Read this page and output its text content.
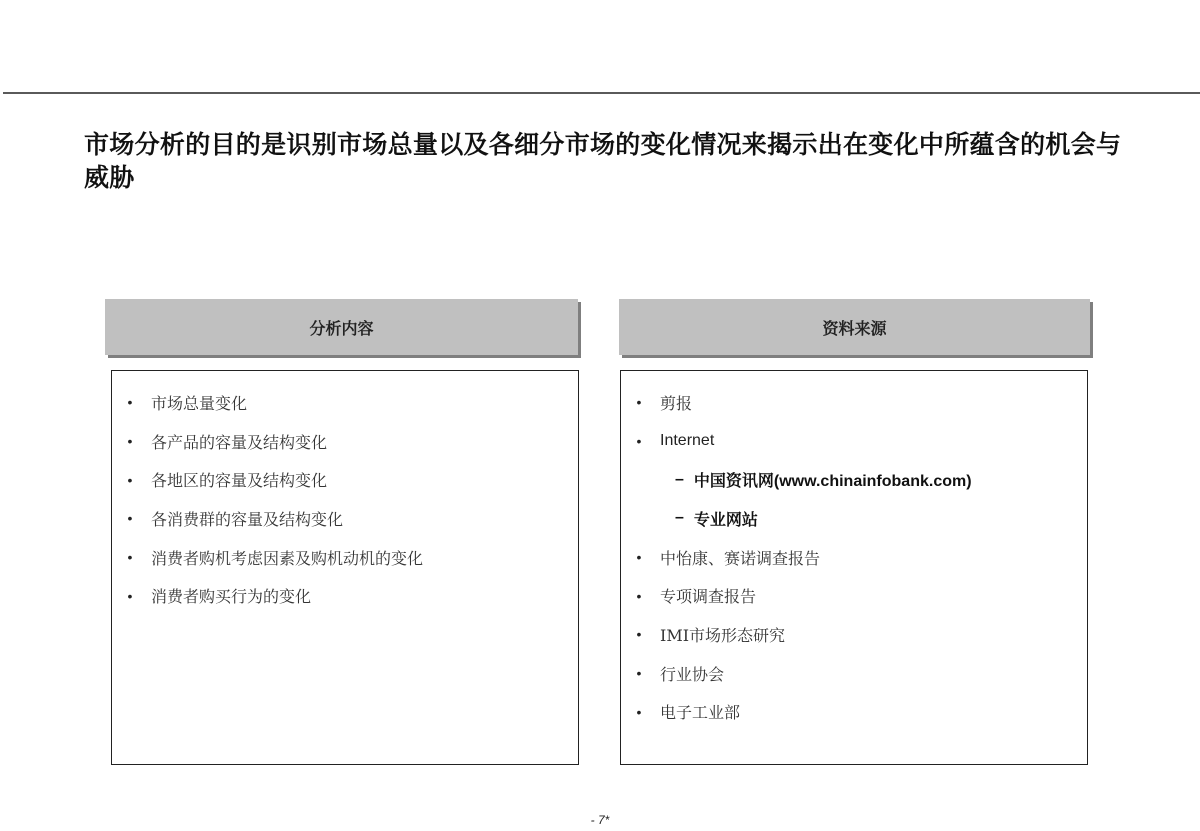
市场分析的目的是识别市场总量以及各细分市场的变化情况来揭示出在变化中所蕴含的机会与威胁
分析内容	资料来源
• 市场总量变化
• 各产品的容量及结构变化
• 各地区的容量及结构变化
• 各消费群的容量及结构变化
• 消费者购机考虑因素及购机动机的变化
• 消费者购买行为的变化
• 剪报
• Internet
– 中国资讯网(www.chinainfobank.com)
– 专业网站
• 中怡康、赛诺调查报告
• 专项调查报告
• IMI市场形态研究
• 行业协会
• 电子工业部
- 7*
